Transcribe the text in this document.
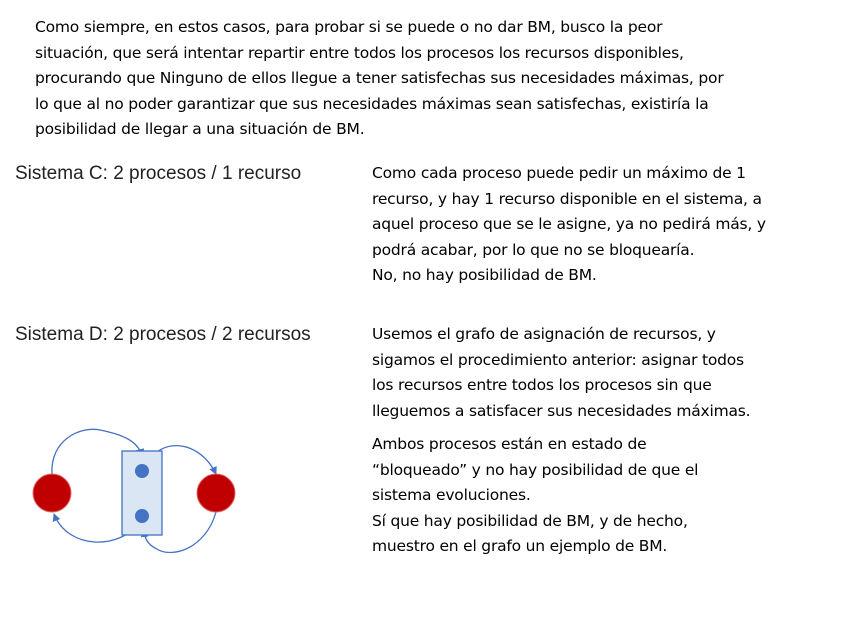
Como siempre, en estos casos, para probar si se puede o no dar BM, busco la peor
situación, que será intentar repartir entre todos los procesos los recursos disponibles,
procurando que Ninguno de ellos llegue a tener satisfechas sus necesidades máximas, por
lo que al no poder garantizar que sus necesidades máximas sean satisfechas, existiría la
posibilidad de llegar a una situación de BM.
Sistema C: 2 procesos / 1 recurso	Como cada proceso puede pedir un máximo de 1
recurso, y hay 1 recurso disponible en el sistema, a
aquel proceso que se le asigne, ya no pedirá más, y
podrá acabar, por lo que no se bloquearía.
No, no hay posibilidad de BM.
Sistema D: 2 procesos / 2 recursos	Usemos el grafo de asignación de recursos, y
sigamos el procedimiento anterior: asignar todos
los recursos entre todos los procesos sin que
lleguemos a satisfacer sus necesidades máximas.
Ambos procesos están en estado de
“bloqueado” y no hay posibilidad de que el
sistema evoluciones.
Sí que hay posibilidad de BM, y de hecho,
muestro en el grafo un ejemplo de BM.
